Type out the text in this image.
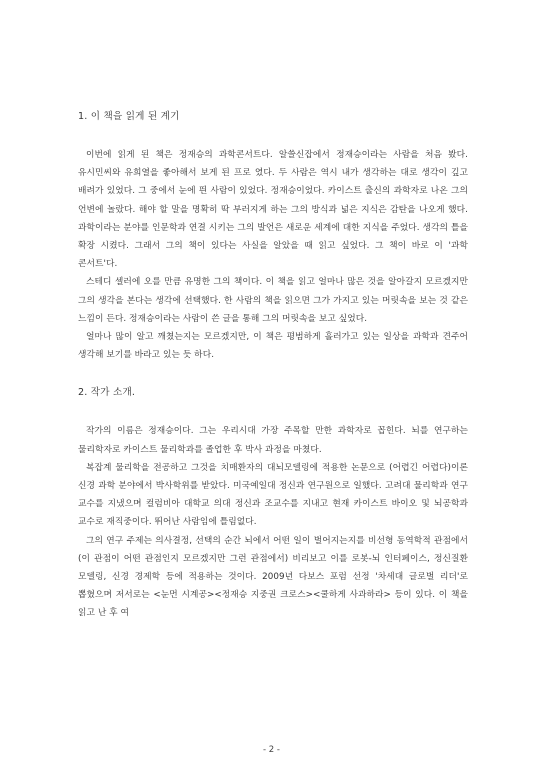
1. 이 책을 읽게 된 계기

이번에 읽게 된 책은 정재승의 과학콘서트다. 알쓸신잡에서 정재승이라는 사람을 처음 봤다. 유시민씨와 유희열을 좋아해서 보게 된 프로 였다. 두 사람은 역시 내가 생각하는 대로 생각이 깊고 배려가 있었다. 그 중에서 눈에 띈 사람이 있었다. 정재승이었다. 카이스트 출신의 과학자로 나온 그의 언변에 놀랐다. 해야 할 말을 명확히 딱 부러지게 하는 그의 방식과 넓은 지식은 감탄을 나오게 했다. 과학이라는 분야를 인문학과 연결 시키는 그의 발언은 새로운 세계에 대한 지식을 주었다. 생각의 틀을 확장 시켰다. 그래서 그의 책이 있다는 사실을 알았을 때 읽고 싶었다. 그 책이 바로 이 '과학 콘서트'다.

스테디 셀러에 오를 만큼 유명한 그의 책이다. 이 책을 읽고 얼마나 많은 것을 알아갈지 모르겠지만 그의 생각을 본다는 생각에 선택했다. 한 사람의 책을 읽으면 그가 가지고 있는 머릿속을 보는 것 같은 느낌이 든다. 정재승이라는 사람이 쓴 글을 통해 그의 머릿속을 보고 싶었다.

얼마나 많이 알고 깨쳤는지는 모르겠지만, 이 책은 평범하게 흘러가고 있는 일상을 과학과 견주어 생각해 보기를 바라고 있는 듯 하다.

2. 작가 소개.

작가의 이름은 정재승이다. 그는 우리시대 가장 주목할 만한 과학자로 꼽힌다. 뇌를 연구하는 물리학자로 카이스트 물리학과를 졸업한 후 박사 과정을 마쳤다.

복잡계 물리학을 전공하고 그것을 치매환자의 대뇌모델링에 적용한 논문으로 (어렵긴 어렵다)이론 신경 과학 분야에서 박사학위를 받았다. 미국예일대 정신과 연구원으로 일했다. 고려대 물리학과 연구 교수를 지냈으며 컬럼비아 대학교 의대 정신과 조교수를 지내고 현재 카이스트 바이오 및 뇌공학과 교수로 재직중이다. 뛰어난 사람임에 틀림없다.

그의 연구 주제는 의사결정, 선택의 순간 뇌에서 어떤 일이 벌어지는지를 비선형 동역학적 관점에서 (이 관점이 어떤 관점인지 모르겠지만 그런 관점에서) 비리보고 이를 로봇-뇌 인터페이스, 정신질환 모델링, 신경 경제학 등에 적용하는 것이다. 2009년 다보스 포럼 선정 '차세대 글로벌 리더'로 뽑혔으며 저서로는 <눈먼 시계공><정재승 지중권 크로스><쿨하게 사과하라> 등이 있다. 이 책을 읽고 난 후 여

- 2 -
